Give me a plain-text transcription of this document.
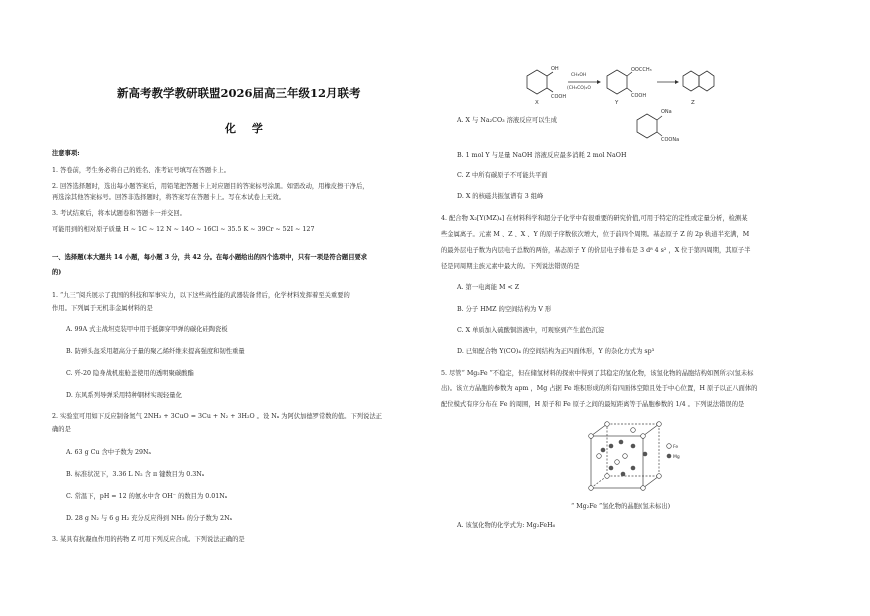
新高考教学教研联盟2026届高三年级12月联考
化 学
注意事项:
1. 答卷前，考生务必将自己的姓名、准考证号填写在答题卡上。
2. 回答选择题时，选出每小题答案后，用铅笔把答题卡上对应题目的答案标号涂黑。如需改动，用橡皮擦干净后，
再选涂其他答案标号。回答非选择题时，将答案写在答题卡上。写在本试卷上无效。
3. 考试结束后，将本试题卷和答题卡一并交回。
可能用到的相对原子质量 H ~ 1C ~ 12 N ~ 14O ~ 16Cl ~ 35.5 K ~ 39Cr ~ 52I ~ 127
一、选择题(本大题共 14 小题，每小题 3 分，共 42 分。在每小题给出的四个选项中，只有一项是符合题目要求
的)
1. “九三”阅兵展示了我国的科技和军事实力，以下这些高性能的武器装备背后，化学材料发挥着至关重要的
作用。下列属于无机非金属材料的是
A. 99A 式主战坦克装甲中用于抵御穿甲弹的碳化硅陶瓷板
B. 防弹头盔采用超高分子量的聚乙烯纤维来提高强度和韧性重量
C. 歼-20 隐身战机座舱盖使用的透明聚碳酸酯
D. 东风系列导弹采用特种钢材实现轻量化
2. 实验室可用如下反应制备氮气 2NH₃ + 3CuO = 3Cu + N₂ + 3H₂O 。设 Nₐ 为阿伏加德罗常数的值。下列说法正
确的是
A. 63 g Cu 含中子数为 29Nₐ
B. 标准状况下，3.36 L N₂ 含 π 键数目为 0.3Nₐ
C. 常温下，pH = 12 的氨水中含 OH⁻ 的数目为 0.01Nₐ
D. 28 g N₂ 与 6 g H₂ 充分反应得到 NH₃ 的分子数为 2Nₐ
3. 某具有抗凝血作用的药物 Z 可用下列反应合成。下列说法正确的是
OH
COOH
X
CH₃OH
(CH₃CO)₂O
OOCCH₃
COOH
Y	Z
ONa
COONa
A. X 与 Na₂CO₃ 溶液反应可以生成
B. 1 mol Y 与足量 NaOH 溶液反应最多消耗 2 mol NaOH
C. Z 中所有碳原子不可能共平面
D. X 的核磁共振氢谱有 3 组峰
4. 配合物 X₂[Y(MZ)₄] 在材料科学和超分子化学中有很重要的研究价值,可用于特定的定性或定量分析，检测某
些金属离子。元素 M 、Z 、X 、Y 的原子序数依次增大，位于前四个周期。基态原子 Z 的 2p 轨道半充满，M
的最外层电子数为内层电子总数的两倍，基态原子 Y 的价层电子排布是 3 d⁸ 4 s² ，X 位于第四周期，其原子半
径是同周期主族元素中最大的。下列说法错误的是
A. 第一电离能 M < Z
B. 分子 HMZ 的空间结构为 V 形
C. X 单质加入硫酸铜溶液中，可观察到产生蓝色沉淀
D. 已知配合物 Y(CO)₄ 的空间结构为正四面体形，Y 的杂化方式为 sp³
5. 尽管“ Mg₂Fe ”不稳定，但在储氢材料的探索中得到了其稳定的氢化物，该氢化物的晶胞结构如图所示(氢未标
出)。该立方晶胞的参数为 apm ，Mg 占据 Fe 堆积形成的所有四面体空隙且处于中心位置，H 原子以正八面体的
配位模式有序分布在 Fe 的周围，H 原子和 Fe 原子之间的最短距离等于晶胞参数的 1/4 。下列说法错误的是
Fe
Mg
“ Mg₂Fe ”氢化物的晶胞(氢未标出)
A. 该氢化物的化学式为: Mg₂FeH₆
